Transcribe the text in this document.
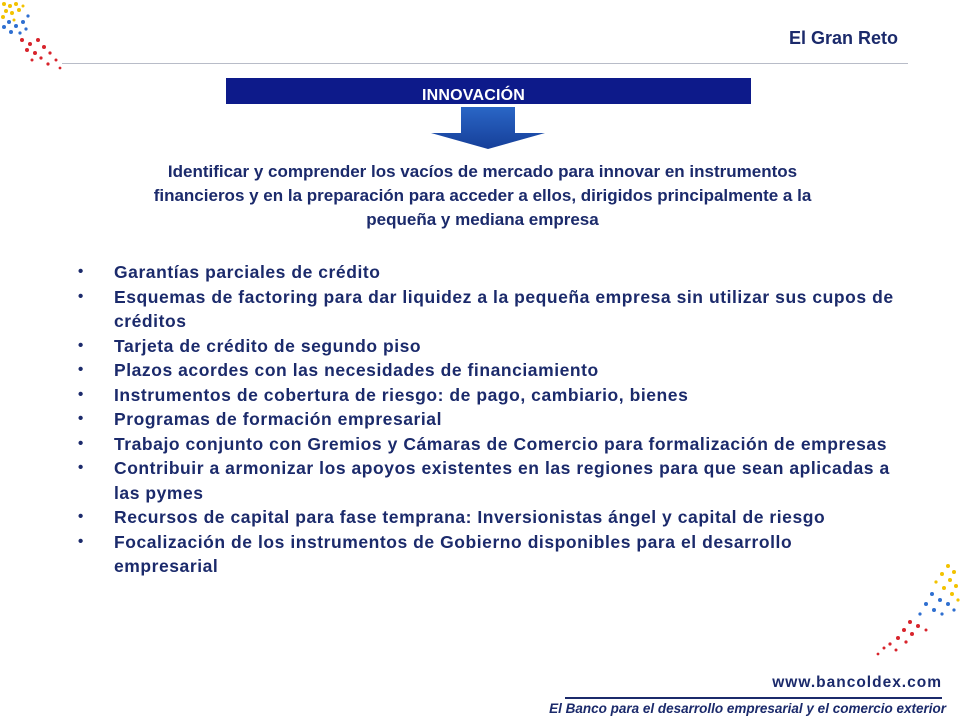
El Gran Reto
INNOVACIÓN
Identificar y comprender los vacíos de mercado para innovar en instrumentos financieros y en la preparación para acceder a ellos, dirigidos principalmente a la pequeña y mediana empresa
• Garantías parciales de crédito
• Esquemas de factoring para dar liquidez a la pequeña empresa sin utilizar sus cupos de créditos
• Tarjeta de crédito de segundo piso
• Plazos acordes con las necesidades de financiamiento
• Instrumentos de cobertura de riesgo: de pago, cambiario, bienes
• Programas de formación empresarial
• Trabajo conjunto con Gremios y Cámaras de Comercio para formalización de empresas
• Contribuir a armonizar los apoyos existentes en las regiones para que sean aplicadas a las pymes
• Recursos de capital para fase temprana: Inversionistas ángel y capital de riesgo
• Focalización de los instrumentos de Gobierno disponibles para el desarrollo empresarial
www.bancoldex.com
El Banco para el desarrollo empresarial y el comercio exterior
